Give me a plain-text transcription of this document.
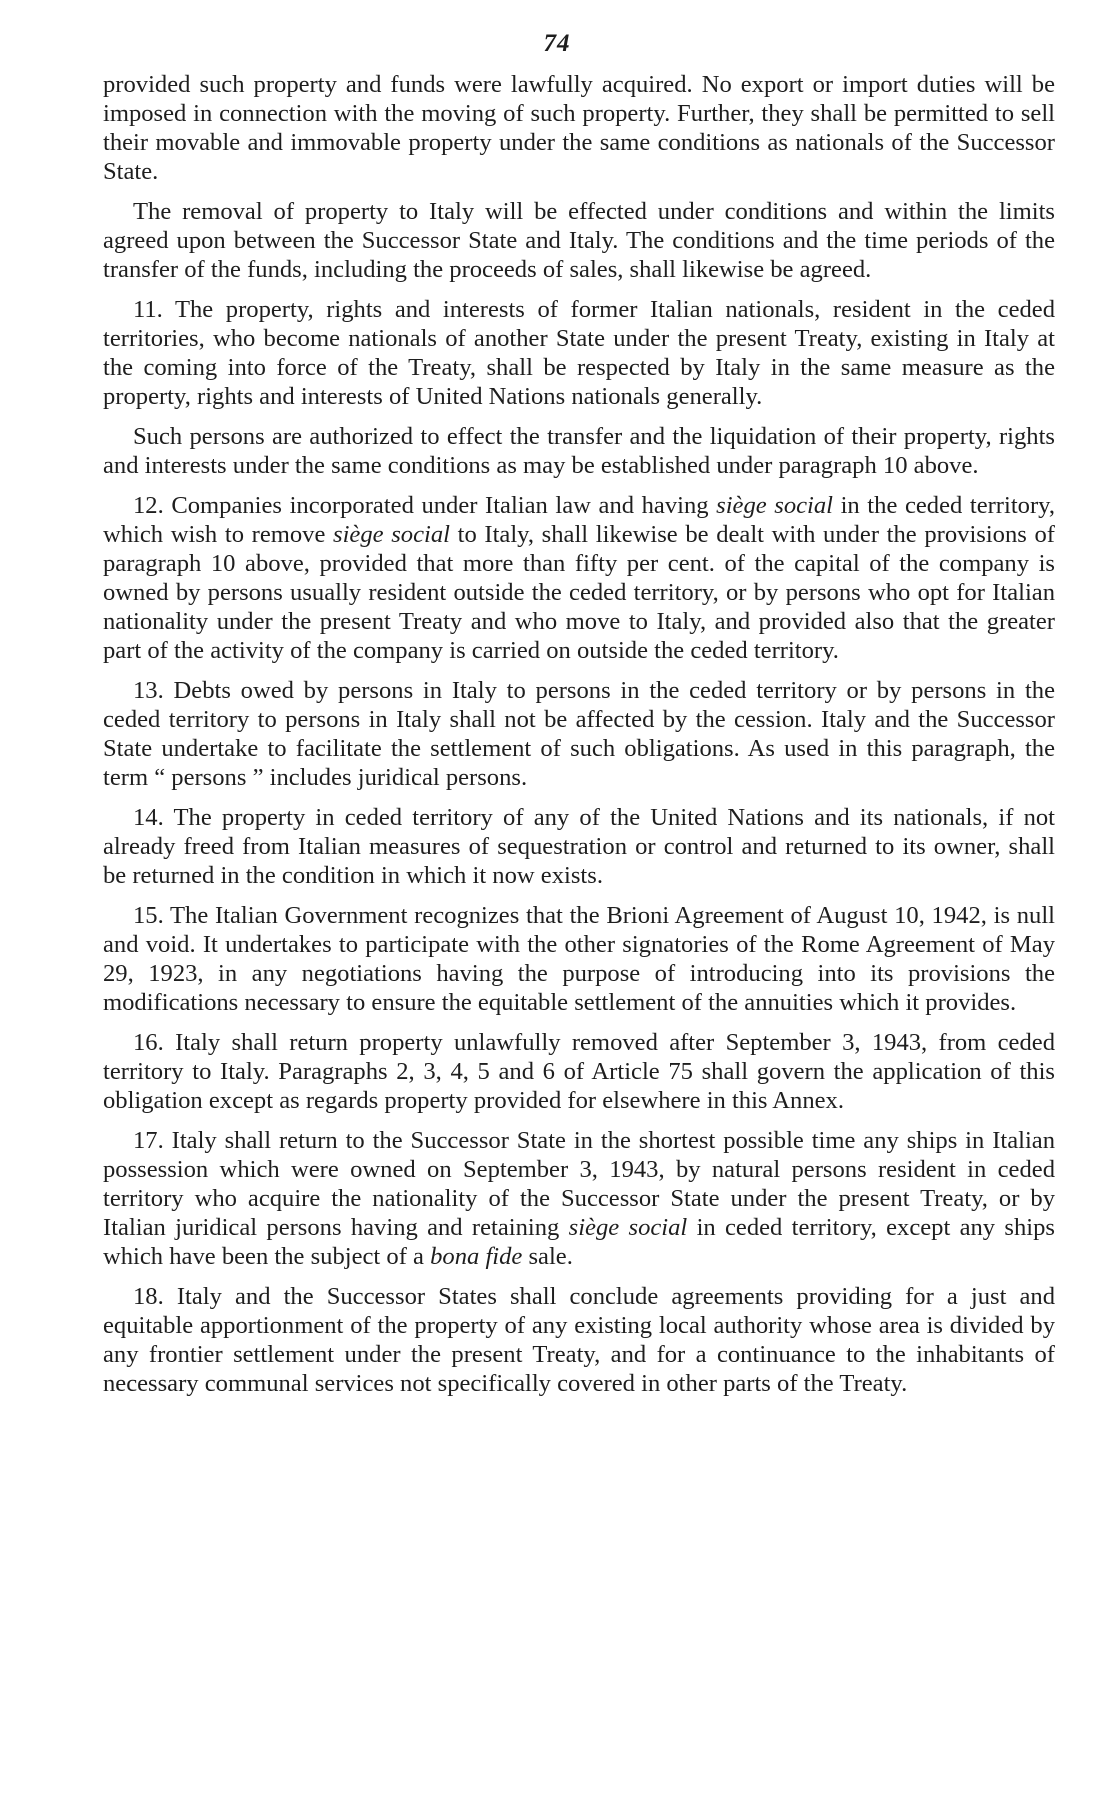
74

provided such property and funds were lawfully acquired. No export or import duties will be imposed in connection with the moving of such property. Further, they shall be permitted to sell their movable and immovable property under the same conditions as nationals of the Successor State.

The removal of property to Italy will be effected under conditions and within the limits agreed upon between the Successor State and Italy. The conditions and the time periods of the transfer of the funds, including the proceeds of sales, shall likewise be agreed.

11. The property, rights and interests of former Italian nationals, resident in the ceded territories, who become nationals of another State under the present Treaty, existing in Italy at the coming into force of the Treaty, shall be respected by Italy in the same measure as the property, rights and interests of United Nations nationals generally.

Such persons are authorized to effect the transfer and the liquidation of their property, rights and interests under the same conditions as may be established under paragraph 10 above.

12. Companies incorporated under Italian law and having siège social in the ceded territory, which wish to remove siège social to Italy, shall likewise be dealt with under the provisions of paragraph 10 above, provided that more than fifty per cent. of the capital of the company is owned by persons usually resident outside the ceded territory, or by persons who opt for Italian nationality under the present Treaty and who move to Italy, and provided also that the greater part of the activity of the company is carried on outside the ceded territory.

13. Debts owed by persons in Italy to persons in the ceded territory or by persons in the ceded territory to persons in Italy shall not be affected by the cession. Italy and the Successor State undertake to facilitate the settlement of such obligations. As used in this paragraph, the term “ persons ” includes juridical persons.

14. The property in ceded territory of any of the United Nations and its nationals, if not already freed from Italian measures of sequestration or control and returned to its owner, shall be returned in the condition in which it now exists.

15. The Italian Government recognizes that the Brioni Agreement of August 10, 1942, is null and void. It undertakes to participate with the other signatories of the Rome Agreement of May 29, 1923, in any negotiations having the purpose of introducing into its provisions the modifications necessary to ensure the equitable settlement of the annuities which it provides.

16. Italy shall return property unlawfully removed after September 3, 1943, from ceded territory to Italy. Paragraphs 2, 3, 4, 5 and 6 of Article 75 shall govern the application of this obligation except as regards property provided for elsewhere in this Annex.

17. Italy shall return to the Successor State in the shortest possible time any ships in Italian possession which were owned on September 3, 1943, by natural persons resident in ceded territory who acquire the nationality of the Successor State under the present Treaty, or by Italian juridical persons having and retaining siège social in ceded territory, except any ships which have been the subject of a bona fide sale.

18. Italy and the Successor States shall conclude agreements providing for a just and equitable apportionment of the property of any existing local authority whose area is divided by any frontier settlement under the present Treaty, and for a continuance to the inhabitants of necessary communal services not specifically covered in other parts of the Treaty.
